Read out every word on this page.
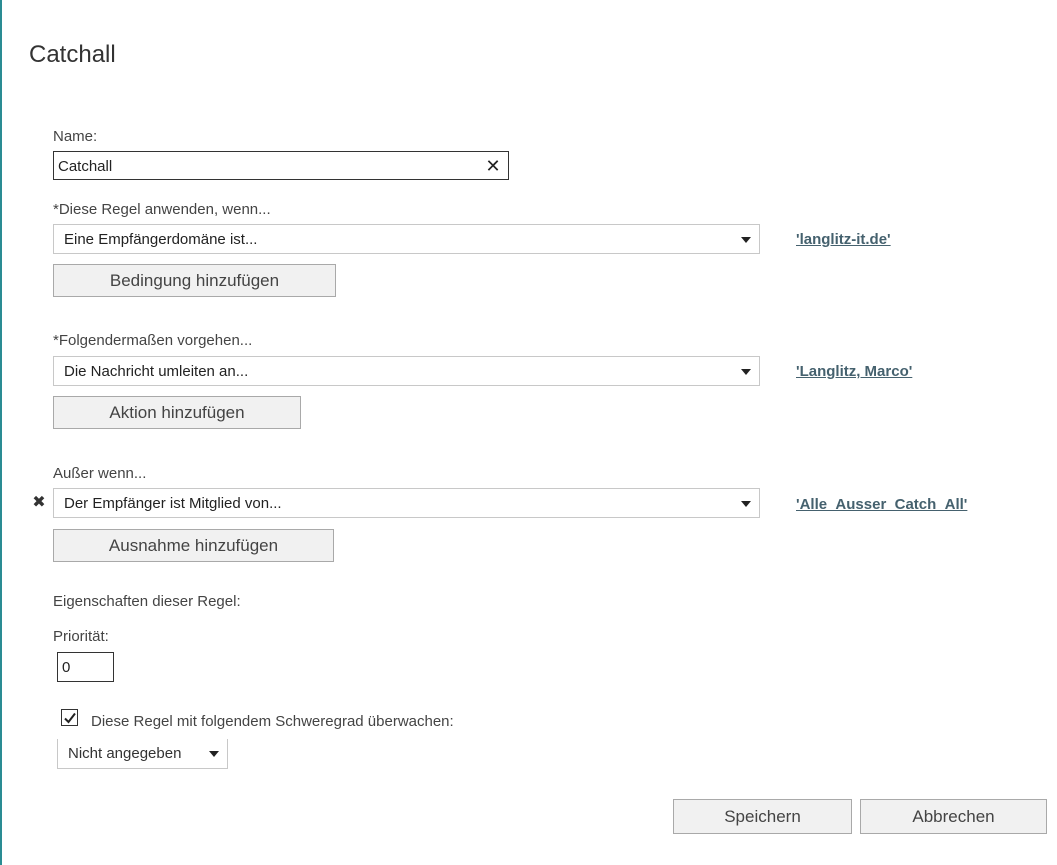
Catchall
Name:
Catchall
✕
*Diese Regel anwenden, wenn...
Eine Empfängerdomäne ist...	'langlitz-it.de'
Bedingung hinzufügen
*Folgendermaßen vorgehen...
Die Nachricht umleiten an...	'Langlitz, Marco'
Aktion hinzufügen
Außer wenn...
✖ Der Empfänger ist Mitglied von...	'Alle_Ausser_Catch_All'
Ausnahme hinzufügen
Eigenschaften dieser Regel:
Priorität:
0
Diese Regel mit folgendem Schweregrad überwachen:
Nicht angegeben
Speichern	Abbrechen
